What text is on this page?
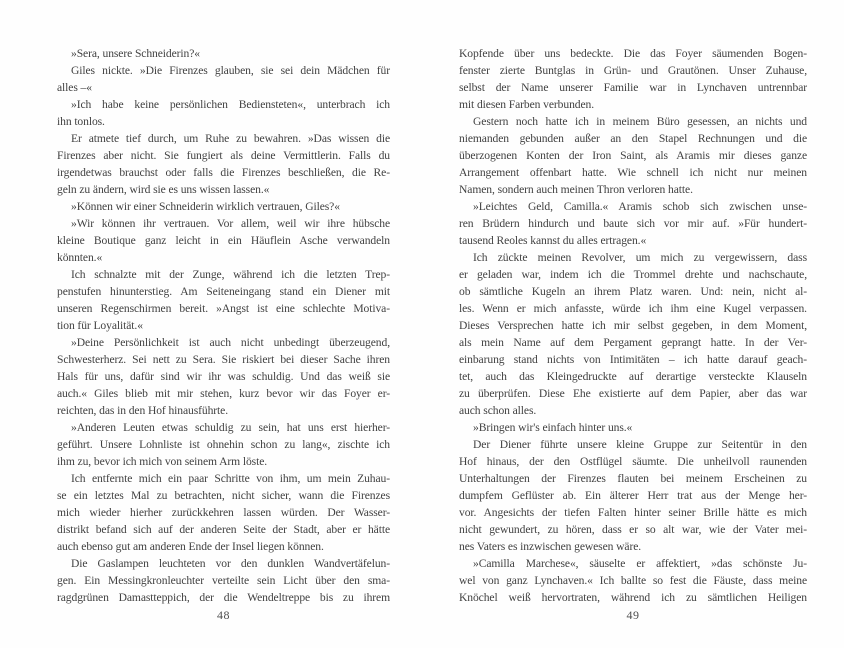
»Sera, unsere Schneiderin?«
Giles nickte. »Die Firenzes glauben, sie sei dein Mädchen für
alles –«
»Ich habe keine persönlichen Bediensteten«, unterbrach ich
ihn tonlos.
Er atmete tief durch, um Ruhe zu bewahren. »Das wissen die
Firenzes aber nicht. Sie fungiert als deine Vermittlerin. Falls du
irgendetwas brauchst oder falls die Firenzes beschließen, die Re-
geln zu ändern, wird sie es uns wissen lassen.«
»Können wir einer Schneiderin wirklich vertrauen, Giles?«
»Wir können ihr vertrauen. Vor allem, weil wir ihre hübsche
kleine Boutique ganz leicht in ein Häuflein Asche verwandeln
könnten.«
Ich schnalzte mit der Zunge, während ich die letzten Trep-
penstufen hinunterstieg. Am Seiteneingang stand ein Diener mit
unseren Regenschirmen bereit. »Angst ist eine schlechte Motiva-
tion für Loyalität.«
»Deine Persönlichkeit ist auch nicht unbedingt überzeugend,
Schwesterherz. Sei nett zu Sera. Sie riskiert bei dieser Sache ihren
Hals für uns, dafür sind wir ihr was schuldig. Und das weiß sie
auch.« Giles blieb mit mir stehen, kurz bevor wir das Foyer er-
reichten, das in den Hof hinausführte.
»Anderen Leuten etwas schuldig zu sein, hat uns erst hierher-
geführt. Unsere Lohnliste ist ohnehin schon zu lang«, zischte ich
ihm zu, bevor ich mich von seinem Arm löste.
Ich entfernte mich ein paar Schritte von ihm, um mein Zuhau-
se ein letztes Mal zu betrachten, nicht sicher, wann die Firenzes
mich wieder hierher zurückkehren lassen würden. Der Wasser-
distrikt befand sich auf der anderen Seite der Stadt, aber er hätte
auch ebenso gut am anderen Ende der Insel liegen können.
Die Gaslampen leuchteten vor den dunklen Wandvertäfelun-
gen. Ein Messingkronleuchter verteilte sein Licht über den sma-
ragdgrünen Damastteppich, der die Wendeltreppe bis zu ihrem
48
Kopfende über uns bedeckte. Die das Foyer säumenden Bogen-
fenster zierte Buntglas in Grün- und Grautönen. Unser Zuhause,
selbst der Name unserer Familie war in Lynchaven untrennbar
mit diesen Farben verbunden.
Gestern noch hatte ich in meinem Büro gesessen, an nichts und
niemanden gebunden außer an den Stapel Rechnungen und die
überzogenen Konten der Iron Saint, als Aramis mir dieses ganze
Arrangement offenbart hatte. Wie schnell ich nicht nur meinen
Namen, sondern auch meinen Thron verloren hatte.
»Leichtes Geld, Camilla.« Aramis schob sich zwischen unse-
ren Brüdern hindurch und baute sich vor mir auf. »Für hundert-
tausend Reoles kannst du alles ertragen.«
Ich zückte meinen Revolver, um mich zu vergewissern, dass
er geladen war, indem ich die Trommel drehte und nachschaute,
ob sämtliche Kugeln an ihrem Platz waren. Und: nein, nicht al-
les. Wenn er mich anfasste, würde ich ihm eine Kugel verpassen.
Dieses Versprechen hatte ich mir selbst gegeben, in dem Moment,
als mein Name auf dem Pergament geprangt hatte. In der Ver-
einbarung stand nichts von Intimitäten – ich hatte darauf geach-
tet, auch das Kleingedruckte auf derartige versteckte Klauseln
zu überprüfen. Diese Ehe existierte auf dem Papier, aber das war
auch schon alles.
»Bringen wir's einfach hinter uns.«
Der Diener führte unsere kleine Gruppe zur Seitentür in den
Hof hinaus, der den Ostflügel säumte. Die unheilvoll raunenden
Unterhaltungen der Firenzes flauten bei meinem Erscheinen zu
dumpfem Geflüster ab. Ein älterer Herr trat aus der Menge her-
vor. Angesichts der tiefen Falten hinter seiner Brille hätte es mich
nicht gewundert, zu hören, dass er so alt war, wie der Vater mei-
nes Vaters es inzwischen gewesen wäre.
»Camilla Marchese«, säuselte er affektiert, »das schönste Ju-
wel von ganz Lynchaven.« Ich ballte so fest die Fäuste, dass meine
Knöchel weiß hervortraten, während ich zu sämtlichen Heiligen
49
